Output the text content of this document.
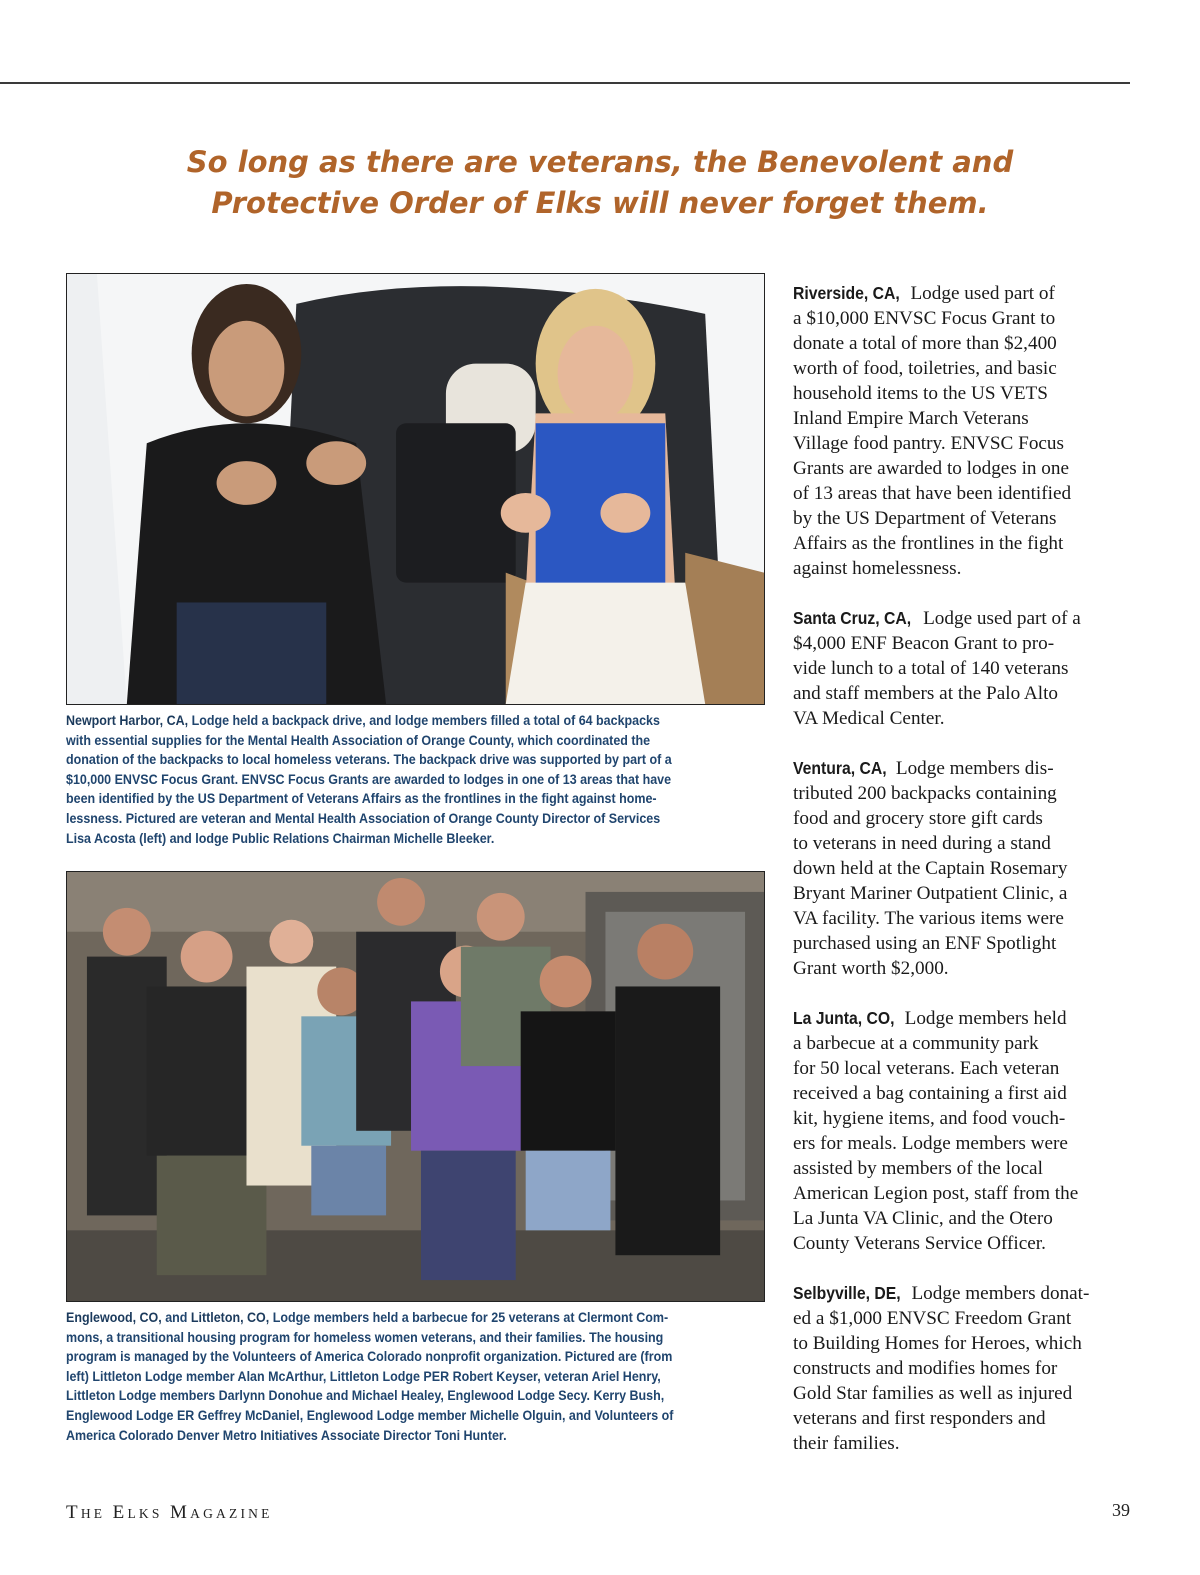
So long as there are veterans, the Benevolent and
Protective Order of Elks will never forget them.
Newport Harbor, CA, Lodge held a backpack drive, and lodge members filled a total of 64 backpacks
with essential supplies for the Mental Health Association of Orange County, which coordinated the
donation of the backpacks to local homeless veterans. The backpack drive was supported by part of a
$10,000 ENVSC Focus Grant. ENVSC Focus Grants are awarded to lodges in one of 13 areas that have
been identified by the US Department of Veterans Affairs as the frontlines in the fight against home-
lessness. Pictured are veteran and Mental Health Association of Orange County Director of Services
Lisa Acosta (left) and lodge Public Relations Chairman Michelle Bleeker.
Englewood, CO, and Littleton, CO, Lodge members held a barbecue for 25 veterans at Clermont Com-
mons, a transitional housing program for homeless women veterans, and their families. The housing
program is managed by the Volunteers of America Colorado nonprofit organization. Pictured are (from
left) Littleton Lodge member Alan McArthur, Littleton Lodge PER Robert Keyser, veteran Ariel Henry,
Littleton Lodge members Darlynn Donohue and Michael Healey, Englewood Lodge Secy. Kerry Bush,
Englewood Lodge ER Geffrey McDaniel, Englewood Lodge member Michelle Olguin, and Volunteers of
America Colorado Denver Metro Initiatives Associate Director Toni Hunter.
Riverside, CA, Lodge used part of
a $10,000 ENVSC Focus Grant to
donate a total of more than $2,400
worth of food, toiletries, and basic
household items to the US VETS
Inland Empire March Veterans
Village food pantry. ENVSC Focus
Grants are awarded to lodges in one
of 13 areas that have been identified
by the US Department of Veterans
Affairs as the frontlines in the fight
against homelessness.
Santa Cruz, CA, Lodge used part of a
$4,000 ENF Beacon Grant to pro-
vide lunch to a total of 140 veterans
and staff members at the Palo Alto
VA Medical Center.
Ventura, CA, Lodge members dis-
tributed 200 backpacks containing
food and grocery store gift cards
to veterans in need during a stand
down held at the Captain Rosemary
Bryant Mariner Outpatient Clinic, a
VA facility. The various items were
purchased using an ENF Spotlight
Grant worth $2,000.
La Junta, CO, Lodge members held
a barbecue at a community park
for 50 local veterans. Each veteran
received a bag containing a first aid
kit, hygiene items, and food vouch-
ers for meals. Lodge members were
assisted by members of the local
American Legion post, staff from the
La Junta VA Clinic, and the Otero
County Veterans Service Officer.
Selbyville, DE, Lodge members donat-
ed a $1,000 ENVSC Freedom Grant
to Building Homes for Heroes, which
constructs and modifies homes for
Gold Star families as well as injured
veterans and first responders and
their families.
THE ELKS MAGAZINE	39
